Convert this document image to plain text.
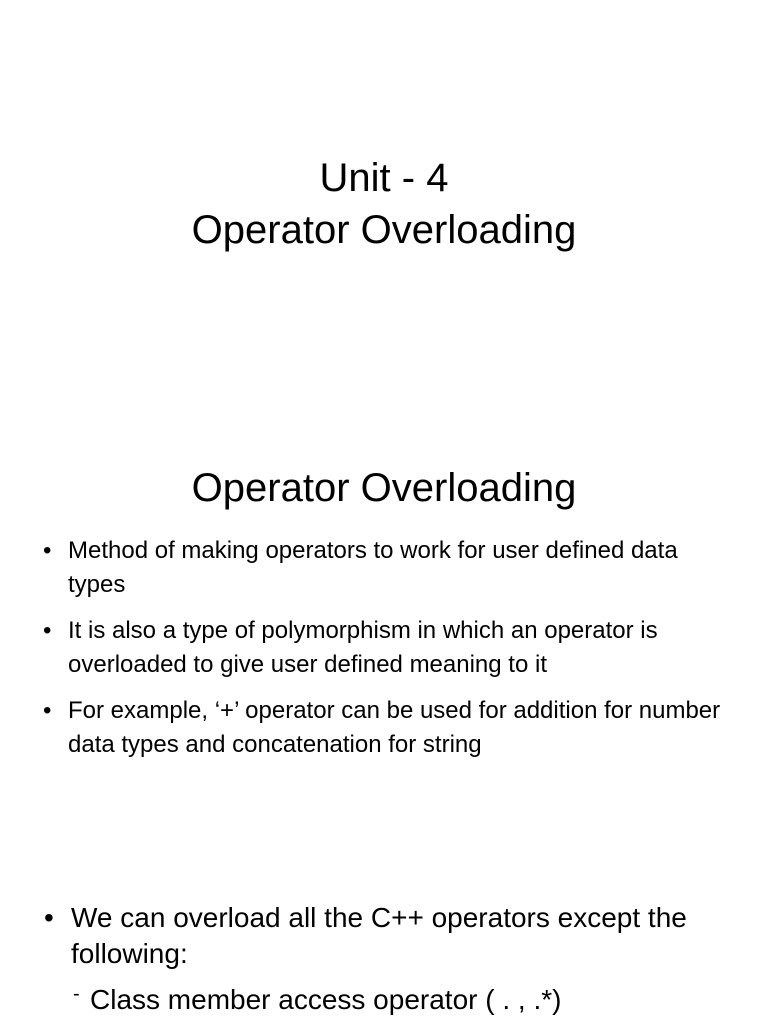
Unit - 4
Operator Overloading
Operator Overloading
• Method of making operators to work for user defined data types
• It is also a type of polymorphism in which an operator is overloaded to give user defined meaning to it
• For example, ‘+’ operator can be used for addition for number data types and concatenation for string
• We can overload all the C++ operators except the following:
- Class member access operator ( . , .*)
